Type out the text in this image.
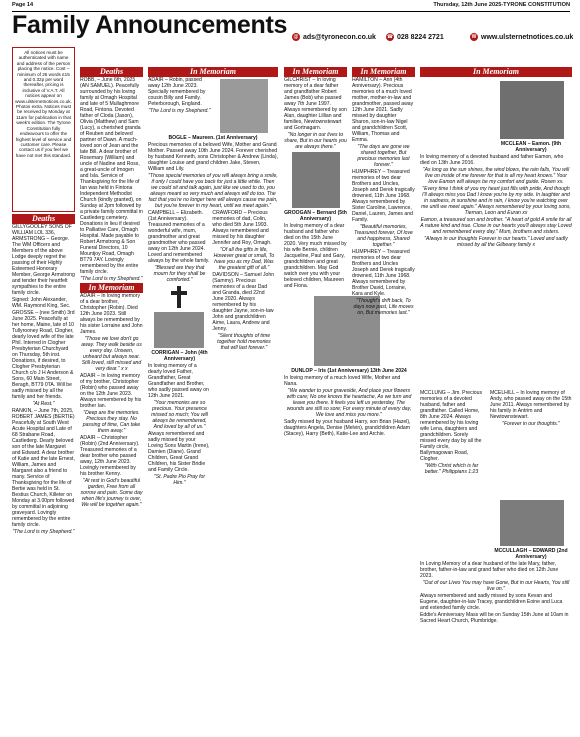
Page 14	Thursday, 12th June 2025-TYRONE CONSTITUTION
Family Announcements	@ ads@tyronecon.co.uk ☎ 028 8224 2721	W www.ulsternetnotices.co.uk
All notices must be authenticated with name and address of the person placing the notice. Cost – minimum of 25 words £15 and 0.32p per word thereafter, pricing is inclusive of V.A.T. All notices appear on www.ulsternetnotices.co.uk. Photos extra. Notices must be received by Monday at 11am for publication in that week's edition. The Tyrone Constitution fully endeavours to offer the highest level of service and customer care. Please contact us if you feel we have not met this standard.
Deaths

GILLYGOOLEY SONS OF WILLIAM LOL 336, ARMSTRONG – George. The WM Officers and Members of the above Lodge deeply regret the passing of their Highly Esteemed Honorary Member, George Armstrong and tender their heartfelt sympathies to the entire family circle.

Signed: John Alexander, WM. Raymond King, Sec.

GROSSE – (nee Smith) 3rd June 2025. Peacefully at her home, Maine, late of 10 Tullyrooney Road, Clogher, dearly loved wife of the late Phil. Interred in Clogher Presbyterian Churchyard on Thursday, 5th inst. Donations, if desired, to Clogher Presbyterian Church c/o J H Anderson & Sons, 60 Main Street, Beragh, BT79 0TA. Will be sadly missed by all the family and her friends.

"At Rest."

RANKIN, – June 7th, 2025, ROBERT JAMES (BERTIE) Peacefully at South West Acute Hospital and Late of 68 Strabane Road, Castlederg. Dearly beloved son of the late Margaret and Edward. A dear brother of Katie and the late Ernest, William, James and Margaret also a friend to many. Service of Thanksgiving for the life of Bertie was held in St. Bestius Church, Killeter on Monday at 3.00pm followed by committal in adjoining graveyard. Lovingly remembered by the entire family circle.

"The Lord is my Shepherd."

Deaths

ROBB, – June 6th, 2025 (AN SAMUEL). Peacefully surrounded by his loving family at Omagh Hospital and late of 5 Mullaghmore Road, Fintona. Devoted father of Cloda (Jason), Olivia (Matthew) and Sam (Lucy), a cherished granda of Reuben and beloved partner of Dawn. A much-loved son of Jean and the late Bill. A dear brother of Rosemary (William) and uncle of Nadine and Ross, a great-uncle of Imogen and Isla. Service of Thanksgiving for the life of Ian was held in Fintona Independent Methodist Church (kindly granted), on Sunday at 2pm followed by a private family committal in Castlederg cemetery. Donations in lieu if desired to Palliative Care, Omagh Hospital. Made payable to Robert Armstrong & Son Funeral Directors, 10 Mountjoy Road, Omagh BT79 7AY. Lovingly remembered by the entire family circle.

"The Lord is my Shepherd."

In Memoriam

ADAIR – In loving memory of a dear brother, Christopher (Robin). Died 12th June 2023. Still always be remembered by his sister Lorraine and John James.

"Those we love don't go away. They walk beside us every day. Unseen, unheard but always near. Still loved, still missed and very dear." x x

ADAIR – In loving memory of my brother, Christopher (Robin) who passed away on the 12th June 2023. Always remembered by his brother Ian.

"Deep are the memories. Precious they stay. No passing of time, Can take them away."

ADAIR – Christopher (Robin) (2nd Anniversary). Treasured memories of a dear brother who passed away, 12th June 2023. Lovingly remembered by his brother Kenny.

"At rest in God's beautiful garden, Free from all sorrow and pain. Some day when life's journey is over, We will be together again."

In Memoriam

ADAIR – Robin, passed away 12th June 2023. Specially remembered by cousin Billy and Family. Peterborough, England.

"The Lord is my Shepherd."

BOGLE – Maureen. (1st Anniversary)

Precious memories of a beloved Wife, Mother and Grand Mother. Passed away 10th June 2024. Forever cherished by husband Kenneth, sons Christopher & Andrew (Linda), daughter Louise and grand children Jake, Steven, William and Lily.

"Those special memories of you will always bring a smile, if only I could have you back for just a little while. Then we could sit and talk again, just like we used to do, you always meant so very much and always will do too. The fact that you're no longer here will always cause me pain, but you're forever in my heart, until we meet again."

CAMPBELL – Elizabeth. (1st Anniversary). Treasured memories of a wonderful wife, mum, grandmother and great grandmother who passed away on 12th June 2024. Loved and remembered always by the whole family.

"Blessed are they that mourn for they shall be comforted."

CORRIGAN – John (4th Anniversary)

In loving memory of a dearly loved Father, Grandfather, Great Grandfather and Brother, who sadly passed away on 12th June 2021.

"Your memories are so precious. Your presence missed so much; You will always be remembered, And loved by all of us."

Always remembered and sadly missed by your Loving Sons Martin (Irene), Damien (Diane). Grand Children, Great Grand Children, his Sister Bridie and Family Circle.

"St. Padre Pio Pray for Him."

CRAWFORD – Precious memories of dad, Colin, who died 5th June 1993. Always remembered and missed by his daughter Jennifer and Roy, Omagh.

"Of all the gifts in life, However great or small, To have you as my Dad, Was the greatest gift of all."

DAVIDSON – Samuel John (Sammy). Precious memories of a dear Dad and Granda, died 22nd June 2020. Always remembered by his daughter Jayne, son-in-law John and grandchildren Aime, Laura, Andrew and Jenny.

"Silent thoughts of time together hold memories that will last forever."

In Memoriam

GILCHRIST – In loving memory of a dear father and grandfather Robert James (Bob) who passed away 7th June 1997. Always remembered by son Alan, daughter Lillian and families, Newtownstewart and Gortnagarn.

"No longer in our lives to share, But in our hearts you are always there."

GROOGAN – Bernard (5th Anniversary)

In loving memory of a dear husband and father who died on the 15th June 2020. Very much missed by his wife Bernie, children Jacqueline, Paul and Gary, grandchildren and great grandchildren. May God watch over you with your beloved children, Maureen and Fiona.

DUNLOP – Iris (1st Anniversary) 13th June 2024

In loving memory of a much loved Wife, Mother and Nana.

"We wander to your graveside, And place your flowers with care; No one knows the heartache, As we turn and leave you there. It feels you left us yesterday, The wounds are still so sore; For every minute of every day, We love and miss you more."

Sadly missed by your husband Harry, son Brian (Hazel), daughters Angela, Denise (Melvin), grandchildren Adam (Stacey), Harry (Beth), Katie-Lee and Archie.

In Memoriam

HAMILTON – Ann (4th Anniversary). Precious memories of a much loved mother, mother-in-law and grandmother, passed away 12th June 2021. Sadly missed by daughter Sharon, son-in-law Nigel and grandchildren Scott, William, Thomas and Emma.

"The days are gone we shared together, But precious memories last forever."

HUMPHREY – Treasured memories of two dear Brothers and Uncles, Joseph and Derek tragically drowned, 11th June 1968. Always remembered by Sister Caroline, Lawrence, Daniel, Lauren, James and Family.

"Beautiful memories, Treasured forever, Of love and happiness, Shared together."

HUMPHREY – Treasured memories of two dear Brothers and Uncles Joseph and Derek tragically drowned, 11th June 1968. Always remembered by Brother David, Lorraine, Kara and Kyle.

"Thought's drift back, To days now past, Life moves on, But memories last."

MCCLUNG – Jim. Precious memories of a devoted husband, father and grandfather. Called Home, 8th June 2024. Always remembered by his loving wife Lena, daughters and grandchildren. Sorely missed every day by all the Family circle, Ballymagowan Road, Clogher.

"With Christ which is far better." Philippians 1:23

In Memoriam

MCCLEAN – Eamon. (9th Anniversary)

In loving memory of a devoted husband and father Eamon, who died on 13th June 2016.

"As long as the sun shines, the wind blows, the rain falls, You will live on inside of me forever for that is all my heart knows." Your love Eamon will always be my comfort and guide. Rosen xx.

"Every time I think of you my heart just fills with pride, And though I'll always miss you Dad I know you're by my side. In laughter and in sadness, in sunshine and in rain, I know you're watching over me until we meet again." Always remembered by your loving sons, Tiernan, Leon and Euran xx

Eamon, a treasured son and brother. "A heart of gold A smile for all A nature kind and true. Close in our hearts you'll always stay Loved and remembered every day." Mum, brothers and sisters.

"Always in our thoughts Forever in our hearts." Loved and sadly missed by all the Gilbeany family x

MCELHILL – In loving memory of Andy, who passed away on the 15th June 2011. Always remembered by his family in Antrim and Newtownstewart.

"Forever in our thoughts."

MCCULLAGH – EDWARD (2nd Anniversary)

In Loving Memory of a dear husband of the late Mary, father, brother, father-in-law and grand father who died on 12th June 2023.

"Out of our Lives You may have Gone, But in our Hearts, You still live on."

Always remembered and sadly missed by sons Kevan and Eugene, daughter-in-law Tracey, grandchildren Eoine and Luca and extended family circle.

Eddie's Anniversary Mass will be on Sunday 15th June at 10am in Sacred Heart Church, Plumbridge.
